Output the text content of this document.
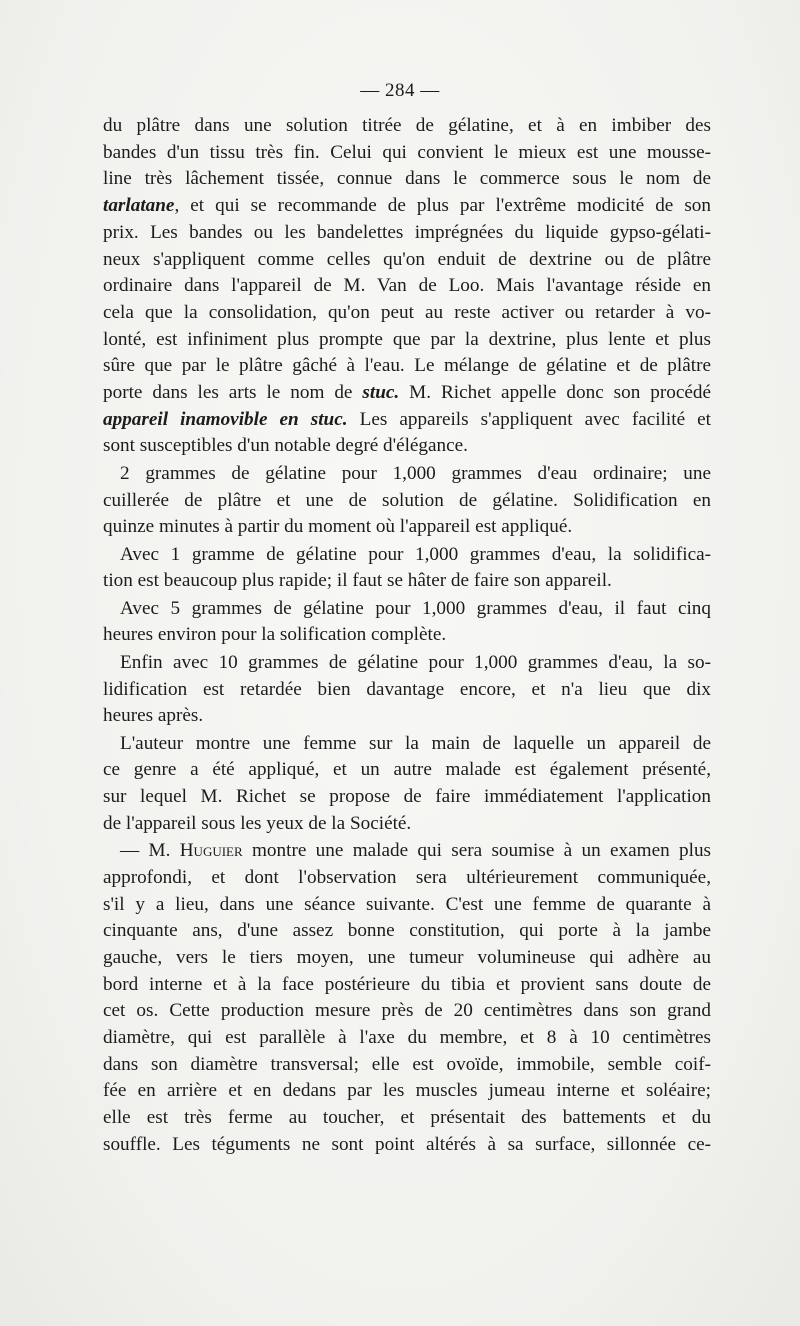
— 284 —
du plâtre dans une solution titrée de gélatine, et à en imbiber des
bandes d'un tissu très fin. Celui qui convient le mieux est une mousse-
line très lâchement tissée, connue dans le commerce sous le nom de
tarlatane, et qui se recommande de plus par l'extrême modicité de son
prix. Les bandes ou les bandelettes imprégnées du liquide gypso-gélati-
neux s'appliquent comme celles qu'on enduit de dextrine ou de plâtre
ordinaire dans l'appareil de M. Van de Loo. Mais l'avantage réside en
cela que la consolidation, qu'on peut au reste activer ou retarder à vo-
lonté, est infiniment plus prompte que par la dextrine, plus lente et plus
sûre que par le plâtre gâché à l'eau. Le mélange de gélatine et de plâtre
porte dans les arts le nom de stuc. M. Richet appelle donc son procédé
appareil inamovible en stuc. Les appareils s'appliquent avec facilité et
sont susceptibles d'un notable degré d'élégance.
2 grammes de gélatine pour 1,000 grammes d'eau ordinaire; une
cuillerée de plâtre et une de solution de gélatine. Solidification en
quinze minutes à partir du moment où l'appareil est appliqué.
Avec 1 gramme de gélatine pour 1,000 grammes d'eau, la solidifica-
tion est beaucoup plus rapide; il faut se hâter de faire son appareil.
Avec 5 grammes de gélatine pour 1,000 grammes d'eau, il faut cinq
heures environ pour la solification complète.
Enfin avec 10 grammes de gélatine pour 1,000 grammes d'eau, la so-
lidification est retardée bien davantage encore, et n'a lieu que dix
heures après.
L'auteur montre une femme sur la main de laquelle un appareil de
ce genre a été appliqué, et un autre malade est également présenté,
sur lequel M. Richet se propose de faire immédiatement l'application
de l'appareil sous les yeux de la Société.
— M. Huguier montre une malade qui sera soumise à un examen plus
approfondi, et dont l'observation sera ultérieurement communiquée,
s'il y a lieu, dans une séance suivante. C'est une femme de quarante à
cinquante ans, d'une assez bonne constitution, qui porte à la jambe
gauche, vers le tiers moyen, une tumeur volumineuse qui adhère au
bord interne et à la face postérieure du tibia et provient sans doute de
cet os. Cette production mesure près de 20 centimètres dans son grand
diamètre, qui est parallèle à l'axe du membre, et 8 à 10 centimètres
dans son diamètre transversal; elle est ovoïde, immobile, semble coif-
fée en arrière et en dedans par les muscles jumeau interne et soléaire;
elle est très ferme au toucher, et présentait des battements et du
souffle. Les téguments ne sont point altérés à sa surface, sillonnée ce-
